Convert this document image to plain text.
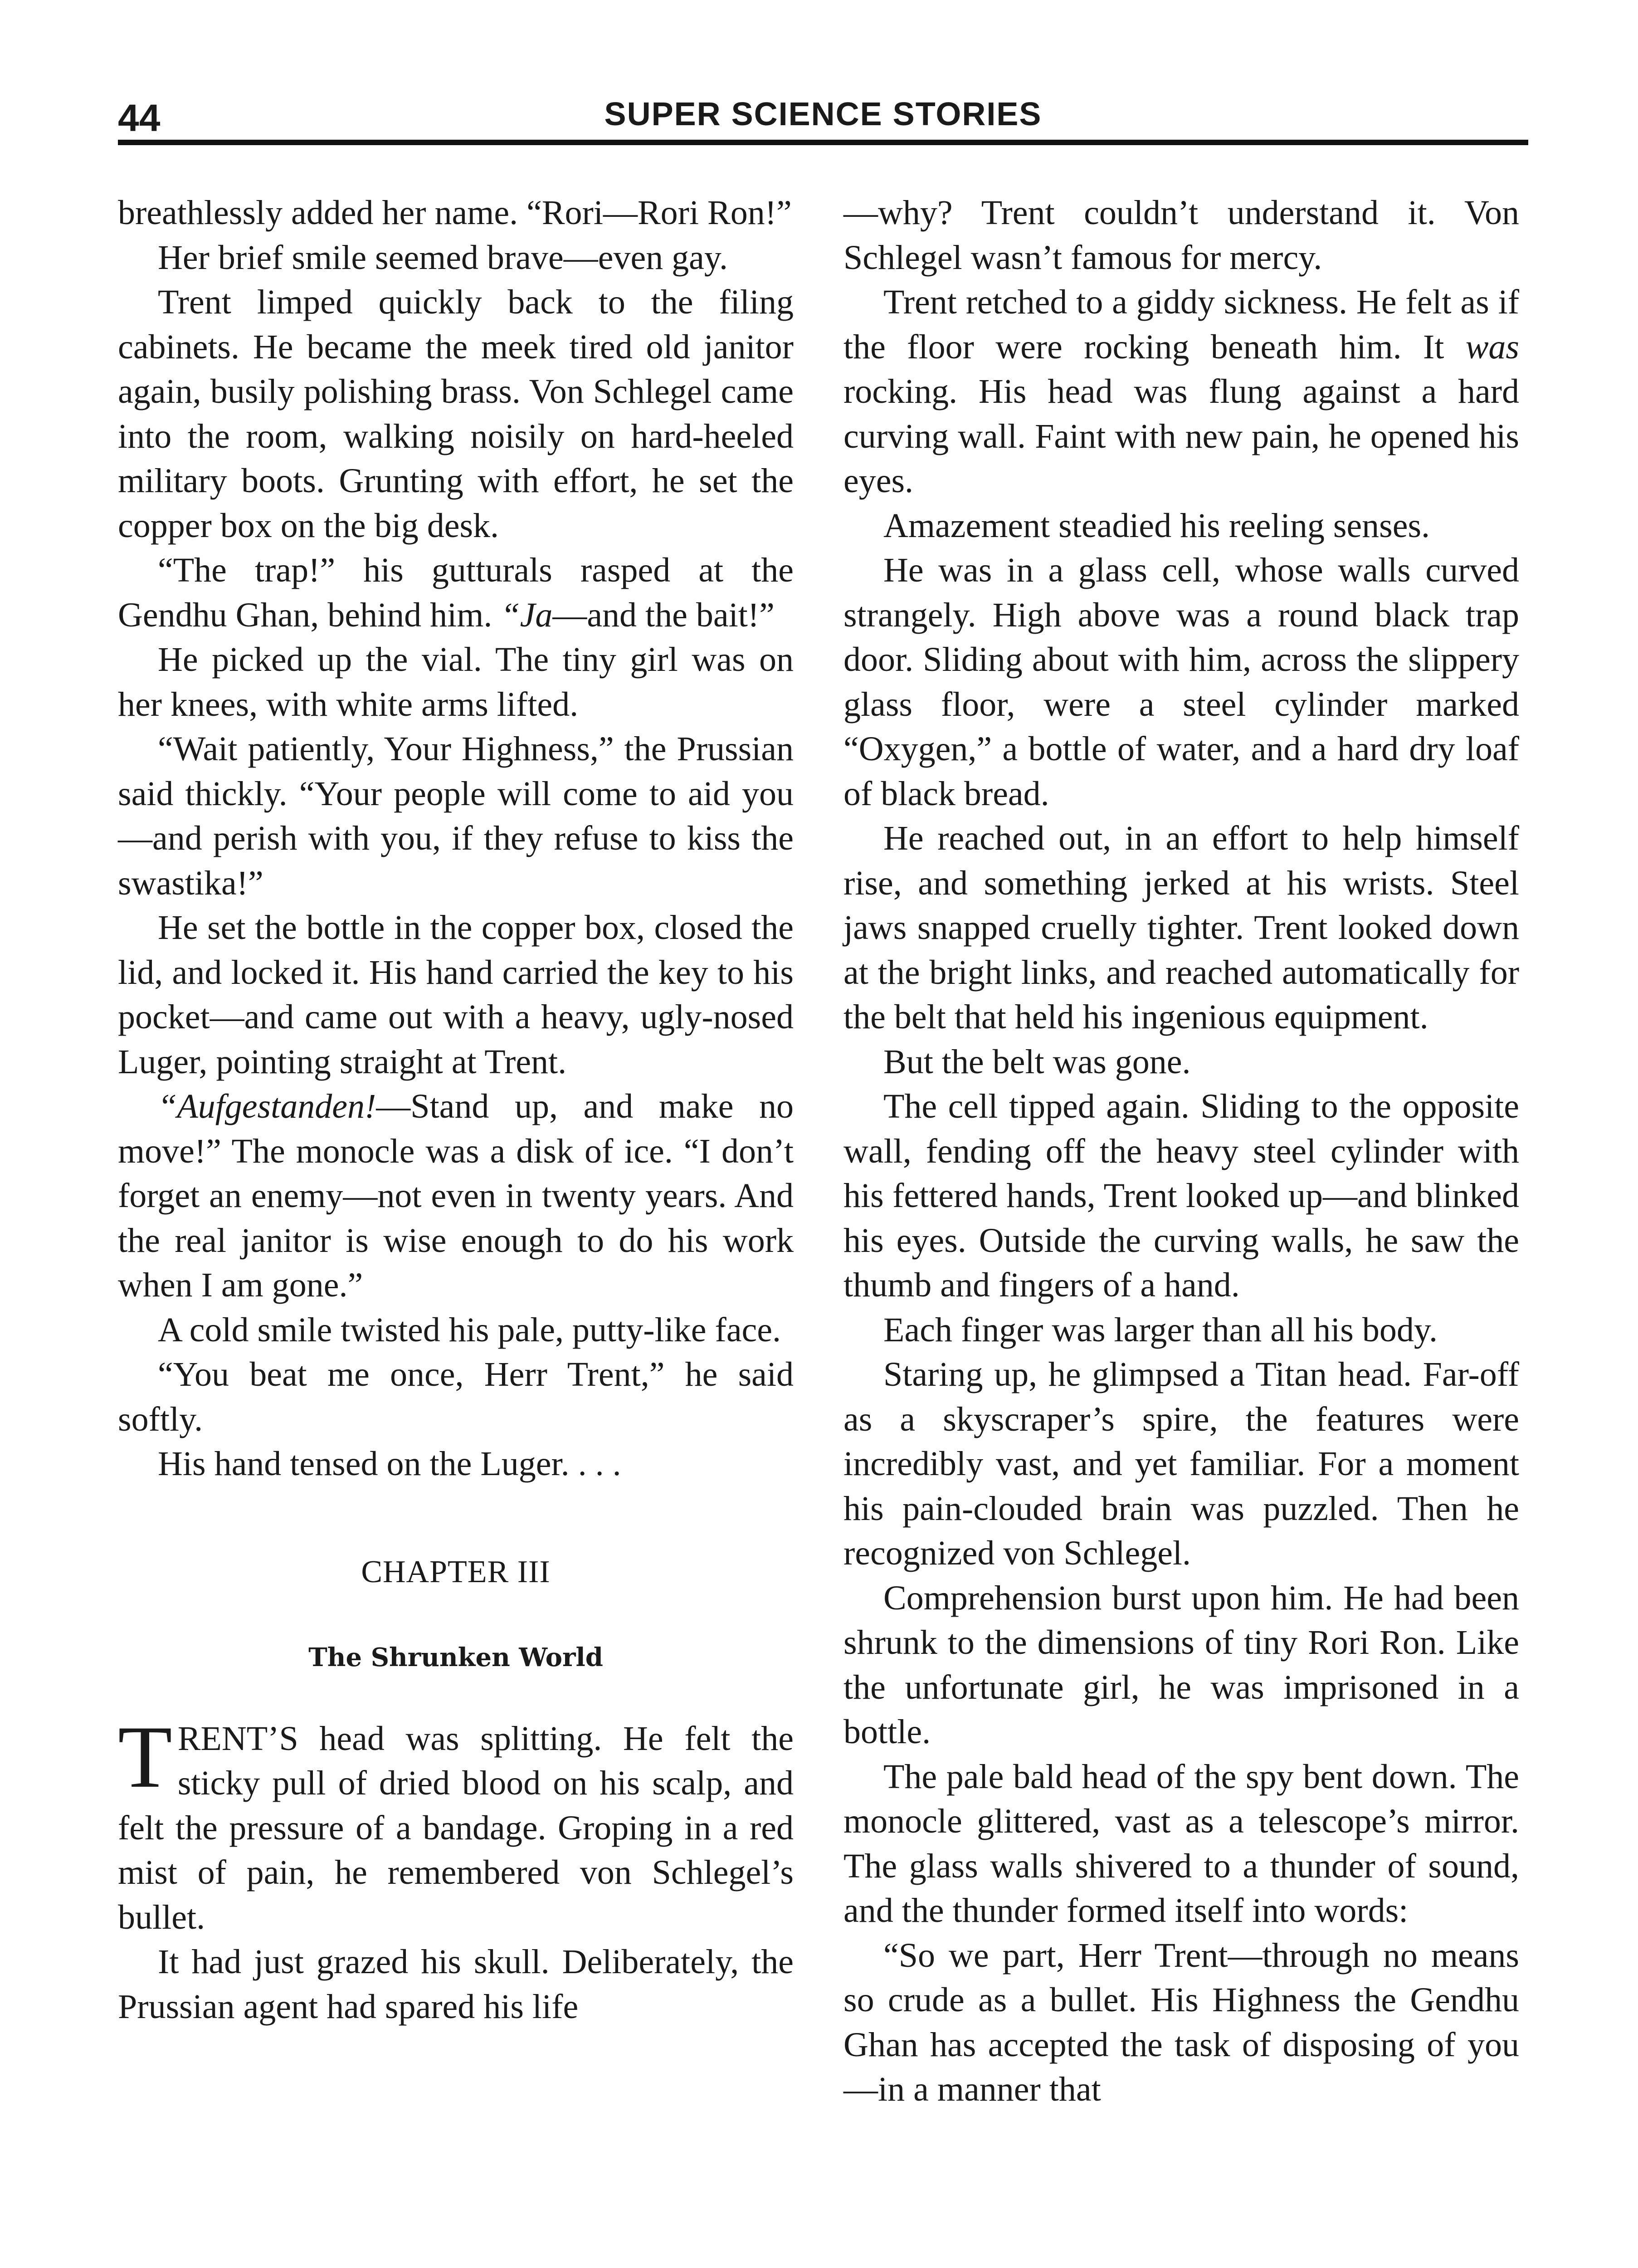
44	SUPER SCIENCE STORIES

breathlessly added her name. “Rori—Rori Ron!”

Her brief smile seemed brave—even gay.

Trent limped quickly back to the filing cabinets. He became the meek tired old janitor again, busily polishing brass. Von Schlegel came into the room, walking noisily on hard-heeled military boots. Grunting with effort, he set the copper box on the big desk.

“The trap!” his gutturals rasped at the Gendhu Ghan, behind him. “Ja—and the bait!”

He picked up the vial. The tiny girl was on her knees, with white arms lifted.

“Wait patiently, Your Highness,” the Prussian said thickly. “Your people will come to aid you—and perish with you, if they refuse to kiss the swastika!”

He set the bottle in the copper box, closed the lid, and locked it. His hand carried the key to his pocket—and came out with a heavy, ugly-nosed Luger, pointing straight at Trent.

“Aufgestanden!—Stand up, and make no move!” The monocle was a disk of ice. “I don’t forget an enemy—not even in twenty years. And the real janitor is wise enough to do his work when I am gone.”

A cold smile twisted his pale, putty-like face.

“You beat me once, Herr Trent,” he said softly.

His hand tensed on the Luger. . . .

CHAPTER III

The Shrunken World

TRENT’S head was splitting. He felt the sticky pull of dried blood on his scalp, and felt the pressure of a bandage. Groping in a red mist of pain, he remembered von Schlegel’s bullet.

It had just grazed his skull. Deliberately, the Prussian agent had spared his life

—why? Trent couldn’t understand it. Von Schlegel wasn’t famous for mercy.

Trent retched to a giddy sickness. He felt as if the floor were rocking beneath him. It was rocking. His head was flung against a hard curving wall. Faint with new pain, he opened his eyes.

Amazement steadied his reeling senses.

He was in a glass cell, whose walls curved strangely. High above was a round black trap door. Sliding about with him, across the slippery glass floor, were a steel cylinder marked “Oxygen,” a bottle of water, and a hard dry loaf of black bread.

He reached out, in an effort to help himself rise, and something jerked at his wrists. Steel jaws snapped cruelly tighter. Trent looked down at the bright links, and reached automatically for the belt that held his ingenious equipment.

But the belt was gone.

The cell tipped again. Sliding to the opposite wall, fending off the heavy steel cylinder with his fettered hands, Trent looked up—and blinked his eyes. Outside the curving walls, he saw the thumb and fingers of a hand.

Each finger was larger than all his body.

Staring up, he glimpsed a Titan head. Far-off as a skyscraper’s spire, the features were incredibly vast, and yet familiar. For a moment his pain-clouded brain was puzzled. Then he recognized von Schlegel.

Comprehension burst upon him. He had been shrunk to the dimensions of tiny Rori Ron. Like the unfortunate girl, he was imprisoned in a bottle.

The pale bald head of the spy bent down. The monocle glittered, vast as a telescope’s mirror. The glass walls shivered to a thunder of sound, and the thunder formed itself into words:

“So we part, Herr Trent—through no means so crude as a bullet. His Highness the Gendhu Ghan has accepted the task of disposing of you—in a manner that
